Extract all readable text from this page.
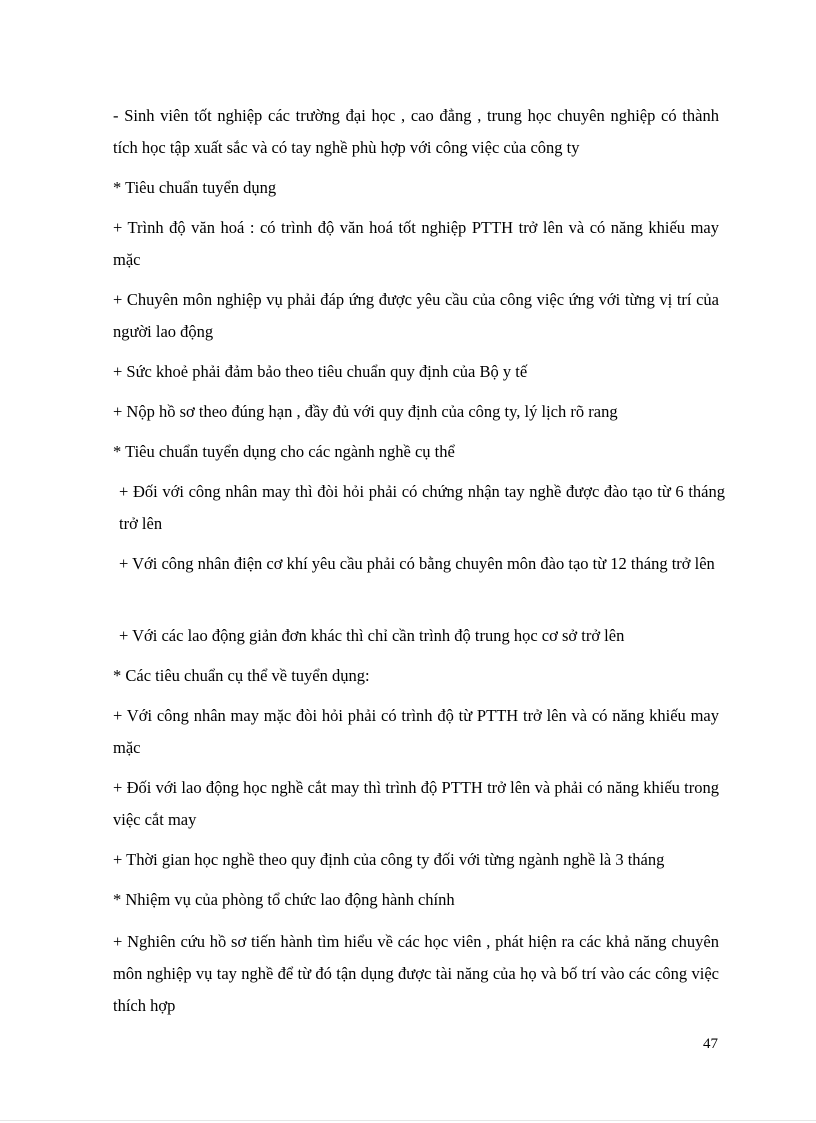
- Sinh viên tốt nghiệp các trường đại học , cao đẳng , trung học chuyên nghiệp có thành tích học tập xuất sắc và có tay nghề phù hợp với công việc của công ty

* Tiêu chuẩn tuyển dụng

+ Trình độ văn hoá : có trình độ văn hoá tốt nghiệp PTTH trở lên và có năng khiếu may mặc

+ Chuyên môn nghiệp vụ phải đáp ứng được yêu cầu của công việc ứng với từng vị trí của người lao động

+ Sức khoẻ phải đảm bảo theo tiêu chuẩn quy định của Bộ y tế

+ Nộp hồ sơ theo đúng hạn , đầy đủ với quy định của công ty, lý lịch rõ rang

* Tiêu chuẩn tuyển dụng cho các ngành nghề cụ thể

+ Đối với công nhân may thì đòi hỏi phải có chứng nhận tay nghề được đào tạo từ 6 tháng trở lên

+ Với công nhân điện cơ khí yêu cầu phải có bằng chuyên môn đào tạo từ 12 tháng trở lên

+ Với các lao động giản đơn khác thì chỉ cần trình độ trung học cơ sở trở lên

* Các tiêu chuẩn cụ thể về tuyển dụng:

+ Với công nhân may mặc đòi hỏi phải có trình độ từ PTTH trở lên và có năng khiếu may mặc

+ Đối với lao động học nghề cắt may thì trình độ PTTH trở lên và phải có năng khiếu trong việc cắt may

+ Thời gian học nghề theo quy định của công ty đối với từng ngành nghề là 3 tháng

* Nhiệm vụ của phòng tổ chức lao động hành chính

+ Nghiên cứu hồ sơ tiến hành tìm hiểu về các học viên , phát hiện ra các khả năng chuyên môn nghiệp vụ tay nghề để từ đó tận dụng được tài năng của họ và bố trí vào các công việc thích hợp

47
